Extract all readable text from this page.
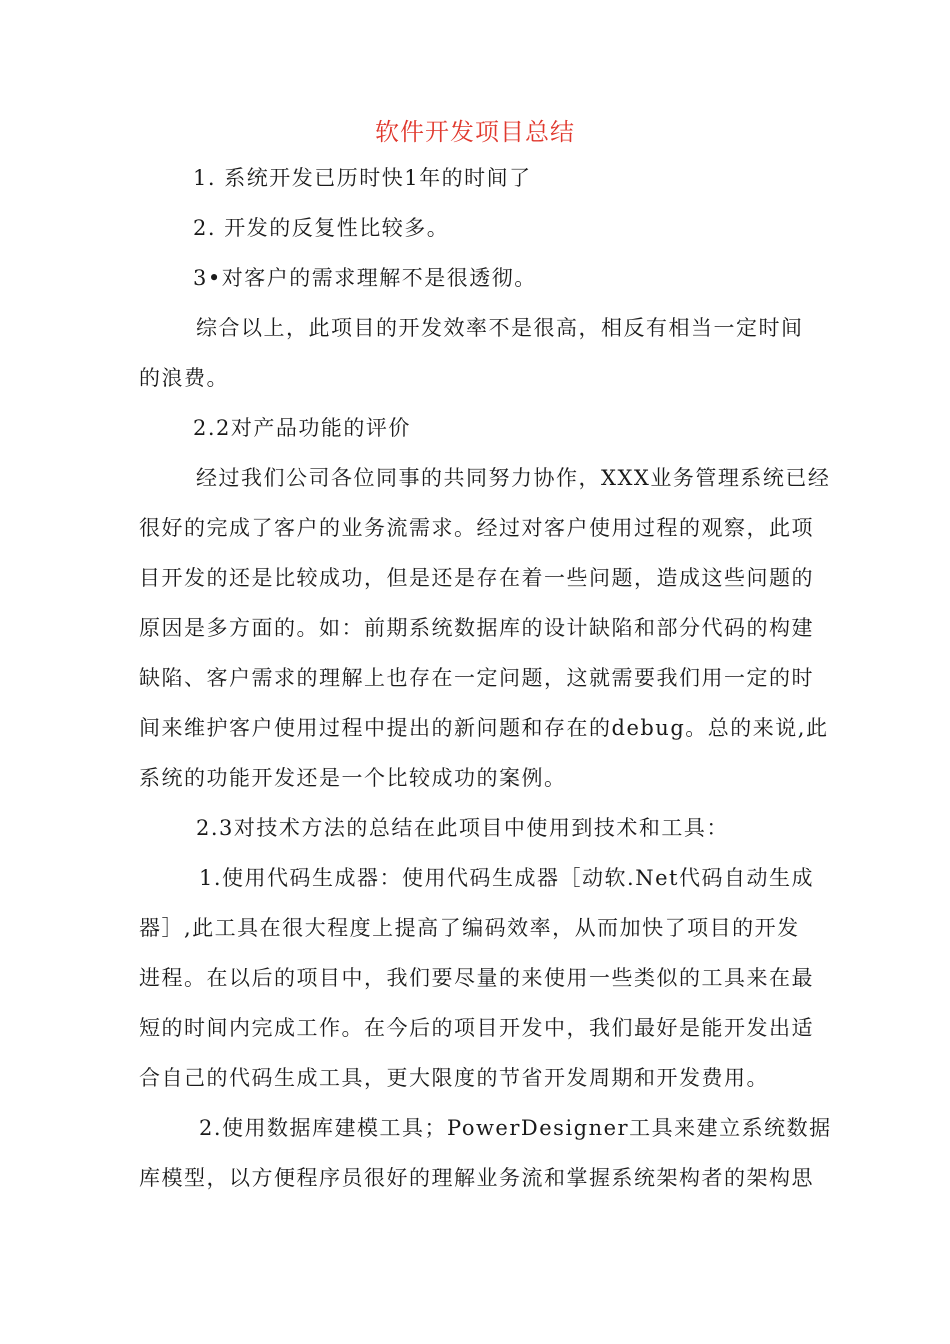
软件开发项目总结
1. 系统开发已历时快1年的时间了
2. 开发的反复性比较多。
3•对客户的需求理解不是很透彻。
综合以上，此项目的开发效率不是很高，相反有相当一定时间
的浪费。
2.2对产品功能的评价
经过我们公司各位同事的共同努力协作，XXX业务管理系统已经
很好的完成了客户的业务流需求。经过对客户使用过程的观察，此项
目开发的还是比较成功，但是还是存在着一些问题，造成这些问题的
原因是多方面的。如：前期系统数据库的设计缺陷和部分代码的构建
缺陷、客户需求的理解上也存在一定问题，这就需要我们用一定的时
间来维护客户使用过程中提出的新问题和存在的debug。总的来说,此
系统的功能开发还是一个比较成功的案例。
2.3对技术方法的总结在此项目中使用到技术和工具：
1.使用代码生成器：使用代码生成器［动软.Net代码自动生成
器］,此工具在很大程度上提高了编码效率，从而加快了项目的开发
进程。在以后的项目中，我们要尽量的来使用一些类似的工具来在最
短的时间内完成工作。在今后的项目开发中，我们最好是能开发出适
合自己的代码生成工具，更大限度的节省开发周期和开发费用。
2.使用数据库建模工具；PowerDesigner工具来建立系统数据
库模型，以方便程序员很好的理解业务流和掌握系统架构者的架构思
